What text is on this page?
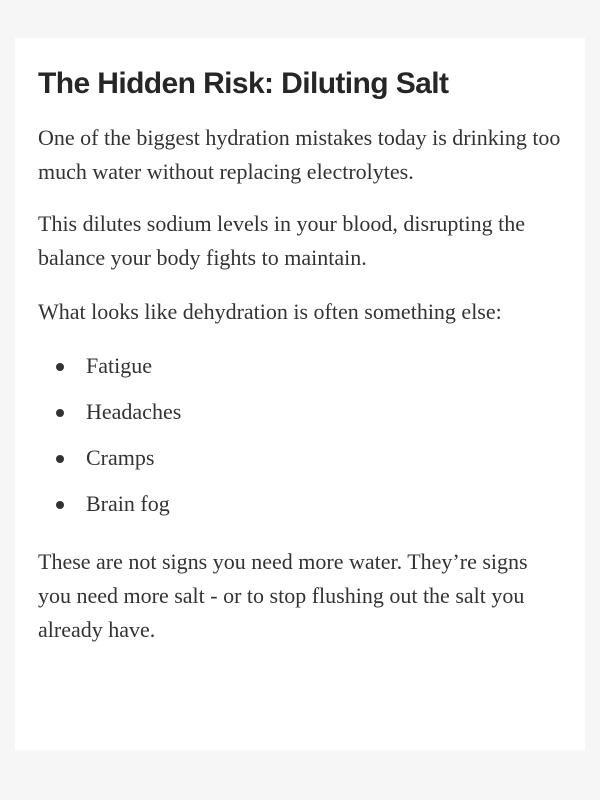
The Hidden Risk: Diluting Salt

One of the biggest hydration mistakes today is drinking too much water without replacing electrolytes.

This dilutes sodium levels in your blood, disrupting the balance your body fights to maintain.

What looks like dehydration is often something else:

Fatigue
Headaches
Cramps
Brain fog

These are not signs you need more water. They’re signs you need more salt - or to stop flushing out the salt you already have.
